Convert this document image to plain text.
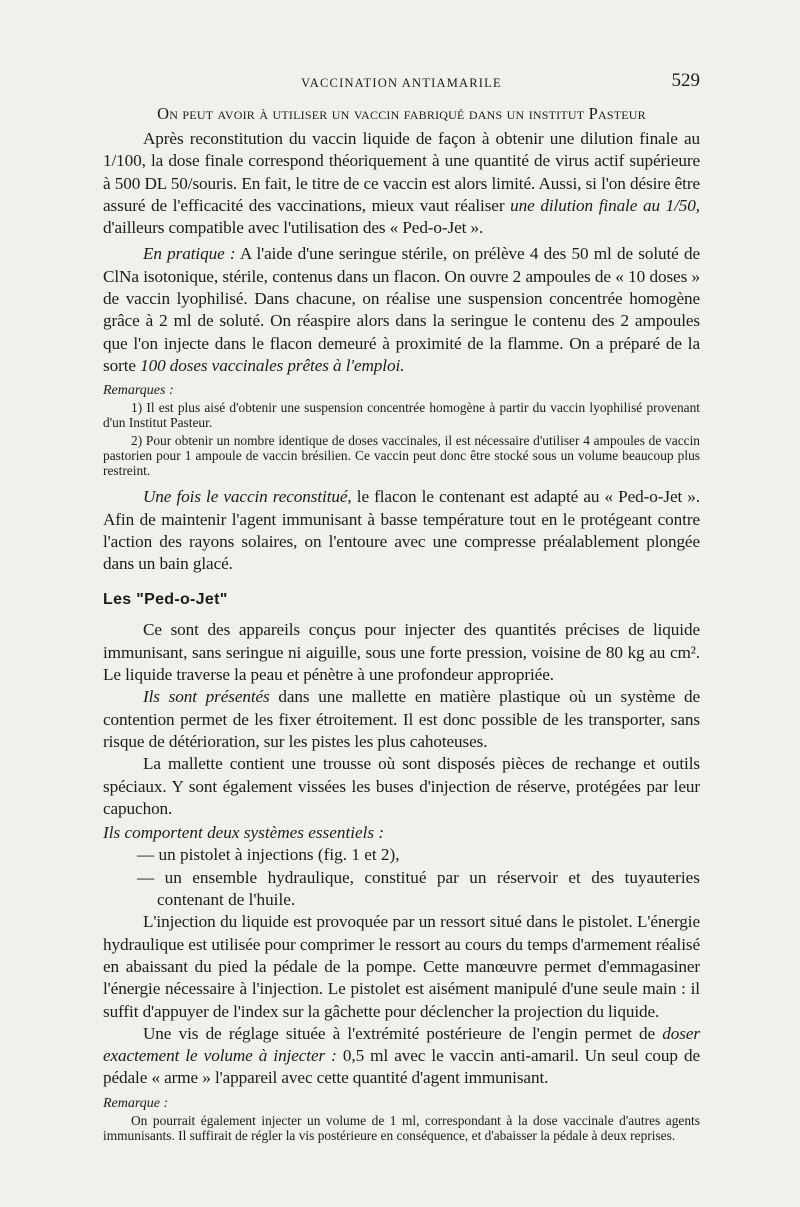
VACCINATION ANTIAMARILE	529

On peut avoir à utiliser un vaccin fabriqué dans un institut Pasteur

Après reconstitution du vaccin liquide de façon à obtenir une dilution finale au 1/100, la dose finale correspond théoriquement à une quantité de virus actif supérieure à 500 DL 50/souris. En fait, le titre de ce vaccin est alors limité. Aussi, si l'on désire être assuré de l'efficacité des vaccinations, mieux vaut réaliser une dilution finale au 1/50, d'ailleurs compatible avec l'utilisation des « Ped-o-Jet ».

En pratique : A l'aide d'une seringue stérile, on prélève 4 des 50 ml de soluté de ClNa isotonique, stérile, contenus dans un flacon. On ouvre 2 ampoules de « 10 doses » de vaccin lyophilisé. Dans chacune, on réalise une suspension concentrée homogène grâce à 2 ml de soluté. On réaspire alors dans la seringue le contenu des 2 ampoules que l'on injecte dans le flacon demeuré à proximité de la flamme. On a préparé de la sorte 100 doses vaccinales prêtes à l'emploi.

Remarques :

1) Il est plus aisé d'obtenir une suspension concentrée homogène à partir du vaccin lyophilisé provenant d'un Institut Pasteur.

2) Pour obtenir un nombre identique de doses vaccinales, il est nécessaire d'utiliser 4 ampoules de vaccin pastorien pour 1 ampoule de vaccin brésilien. Ce vaccin peut donc être stocké sous un volume beaucoup plus restreint.

Une fois le vaccin reconstitué, le flacon le contenant est adapté au « Ped-o-Jet ». Afin de maintenir l'agent immunisant à basse température tout en le protégeant contre l'action des rayons solaires, on l'entoure avec une compresse préalablement plongée dans un bain glacé.

Les "Ped-o-Jet"

Ce sont des appareils conçus pour injecter des quantités précises de liquide immunisant, sans seringue ni aiguille, sous une forte pression, voisine de 80 kg au cm². Le liquide traverse la peau et pénètre à une profondeur appropriée.

Ils sont présentés dans une mallette en matière plastique où un système de contention permet de les fixer étroitement. Il est donc possible de les transporter, sans risque de détérioration, sur les pistes les plus cahoteuses.

La mallette contient une trousse où sont disposés pièces de rechange et outils spéciaux. Y sont également vissées les buses d'injection de réserve, protégées par leur capuchon.

Ils comportent deux systèmes essentiels :

— un pistolet à injections (fig. 1 et 2),

— un ensemble hydraulique, constitué par un réservoir et des tuyauteries contenant de l'huile.

L'injection du liquide est provoquée par un ressort situé dans le pistolet. L'énergie hydraulique est utilisée pour comprimer le ressort au cours du temps d'armement réalisé en abaissant du pied la pédale de la pompe. Cette manœuvre permet d'emmagasiner l'énergie nécessaire à l'injection. Le pistolet est aisément manipulé d'une seule main : il suffit d'appuyer de l'index sur la gâchette pour déclencher la projection du liquide.

Une vis de réglage située à l'extrémité postérieure de l'engin permet de doser exactement le volume à injecter : 0,5 ml avec le vaccin anti-amaril. Un seul coup de pédale « arme » l'appareil avec cette quantité d'agent immunisant.

Remarque :

On pourrait également injecter un volume de 1 ml, correspondant à la dose vaccinale d'autres agents immunisants. Il suffirait de régler la vis postérieure en conséquence, et d'abaisser la pédale à deux reprises.
